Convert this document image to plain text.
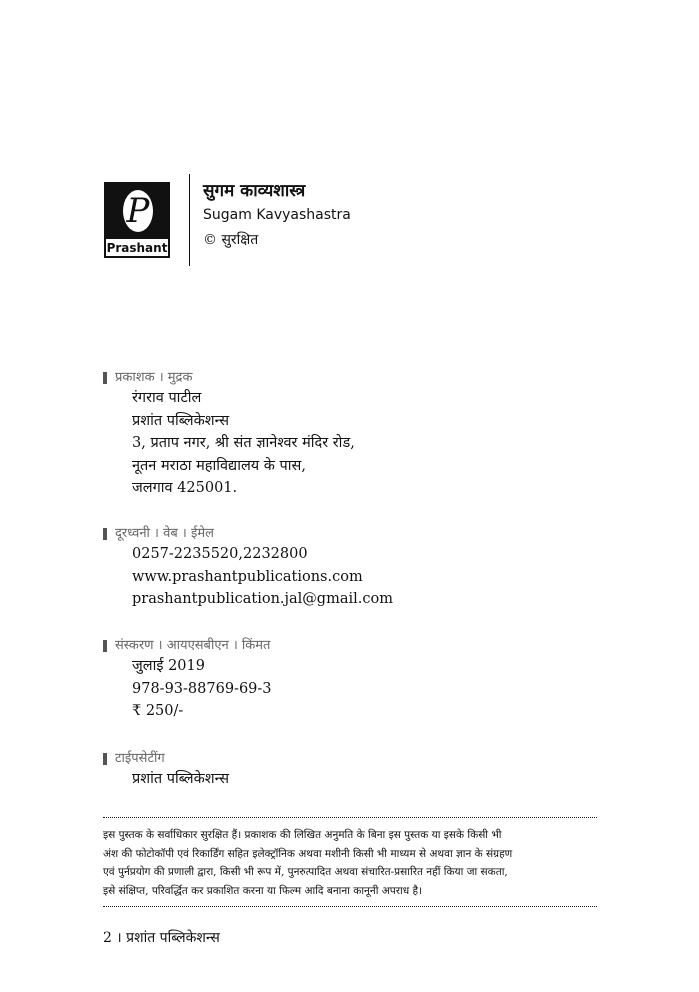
P
Prashant
सुगम काव्यशास्त्र
Sugam Kavyashastra
© सुरक्षित
प्रकाशक । मुद्रक
रंगराव पाटील
प्रशांत पब्लिकेशन्स
3, प्रताप नगर, श्री संत ज्ञानेश्वर मंदिर रोड,
नूतन मराठा महाविद्यालय के पास,
जलगाव 425001.
दूरध्वनी । वेब । ईमेल
0257-2235520,2232800
www.prashantpublications.com
prashantpublication.jal@gmail.com
संस्करण । आयएसबीएन । किंमत
जुलाई 2019
978-93-88769-69-3
₹ 250/-
टाईपसेटींग
प्रशांत पब्लिकेशन्स
इस पुस्तक के सर्वाधिकार सुरक्षित हैं। प्रकाशक की लिखित अनुमति के बिना इस पुस्तक या इसके किसी भी
अंश की फोटोकॉपी एवं रिकार्डिंग सहित इलेक्ट्रॉनिक अथवा मशीनी किसी भी माध्यम से अथवा ज्ञान के संग्रहण
एवं पुर्नप्रयोग की प्रणाली द्वारा, किसी भी रूप में, पुनरुत्पादित अथवा संचारित-प्रसारित नहीं किया जा सकता,
इसे संक्षिप्त, परिवर्द्धित कर प्रकाशित करना या फिल्म आदि बनाना कानूनी अपराध है।
2 । प्रशांत पब्लिकेशन्स
